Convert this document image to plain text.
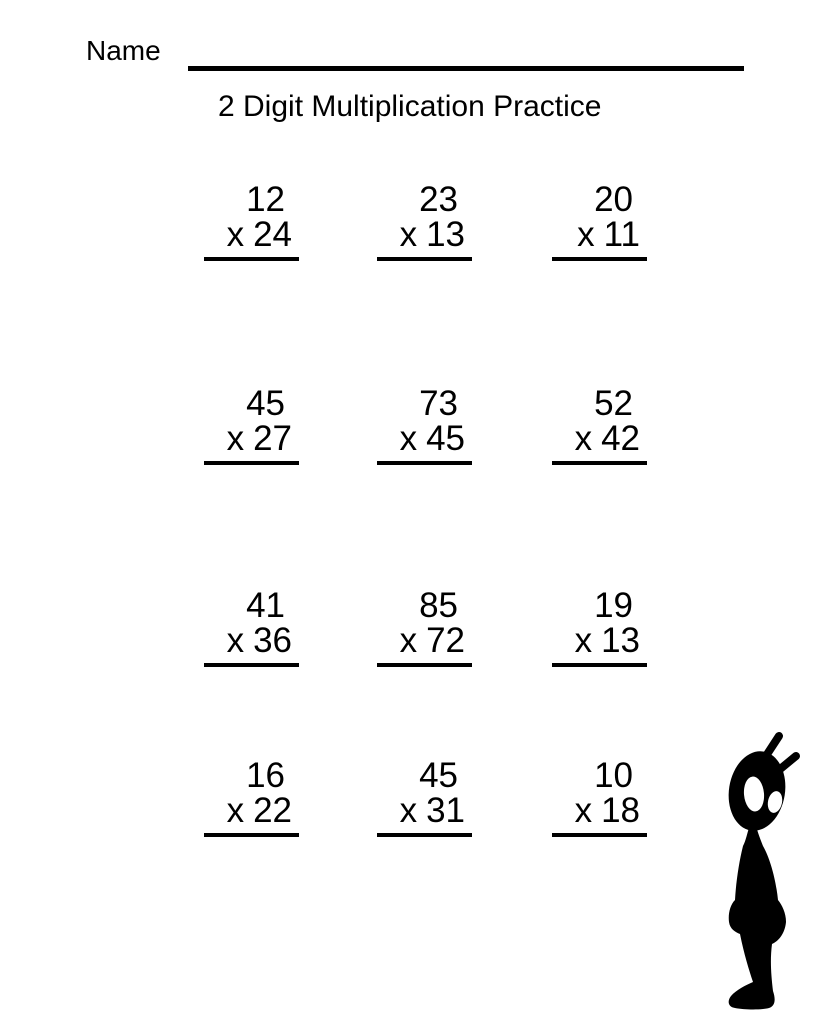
Name
2 Digit Multiplication Practice
12
x 24
23
x 13
20
x 11
45
x 27
73
x 45
52
x 42
41
x 36
85
x 72
19
x 13
16
x 22
45
x 31
10
x 18
